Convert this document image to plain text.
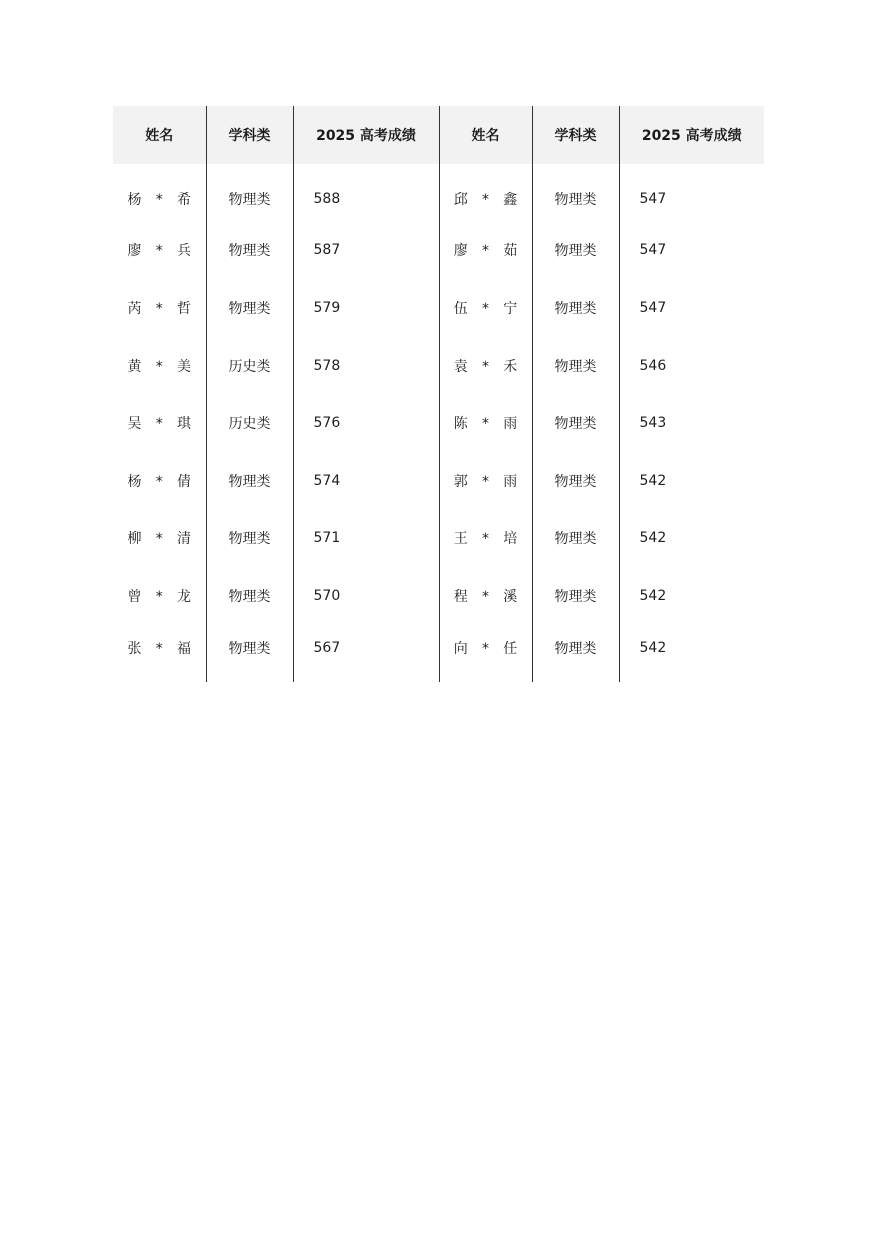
姓名	学科类	2025 高考成绩	姓名	学科类	2025 高考成绩
杨 * 希	物理类	588	邱 * 鑫	物理类	547
廖 * 兵	物理类	587	廖 * 茹	物理类	547
芮 * 哲	物理类	579	伍 * 宁	物理类	547
黄 * 美	历史类	578	袁 * 禾	物理类	546
吴 * 琪	历史类	576	陈 * 雨	物理类	543
杨 * 倩	物理类	574	郭 * 雨	物理类	542
柳 * 清	物理类	571	王 * 培	物理类	542
曾 * 龙	物理类	570	程 * 溪	物理类	542
张 * 福	物理类	567	向 * 任	物理类	542
